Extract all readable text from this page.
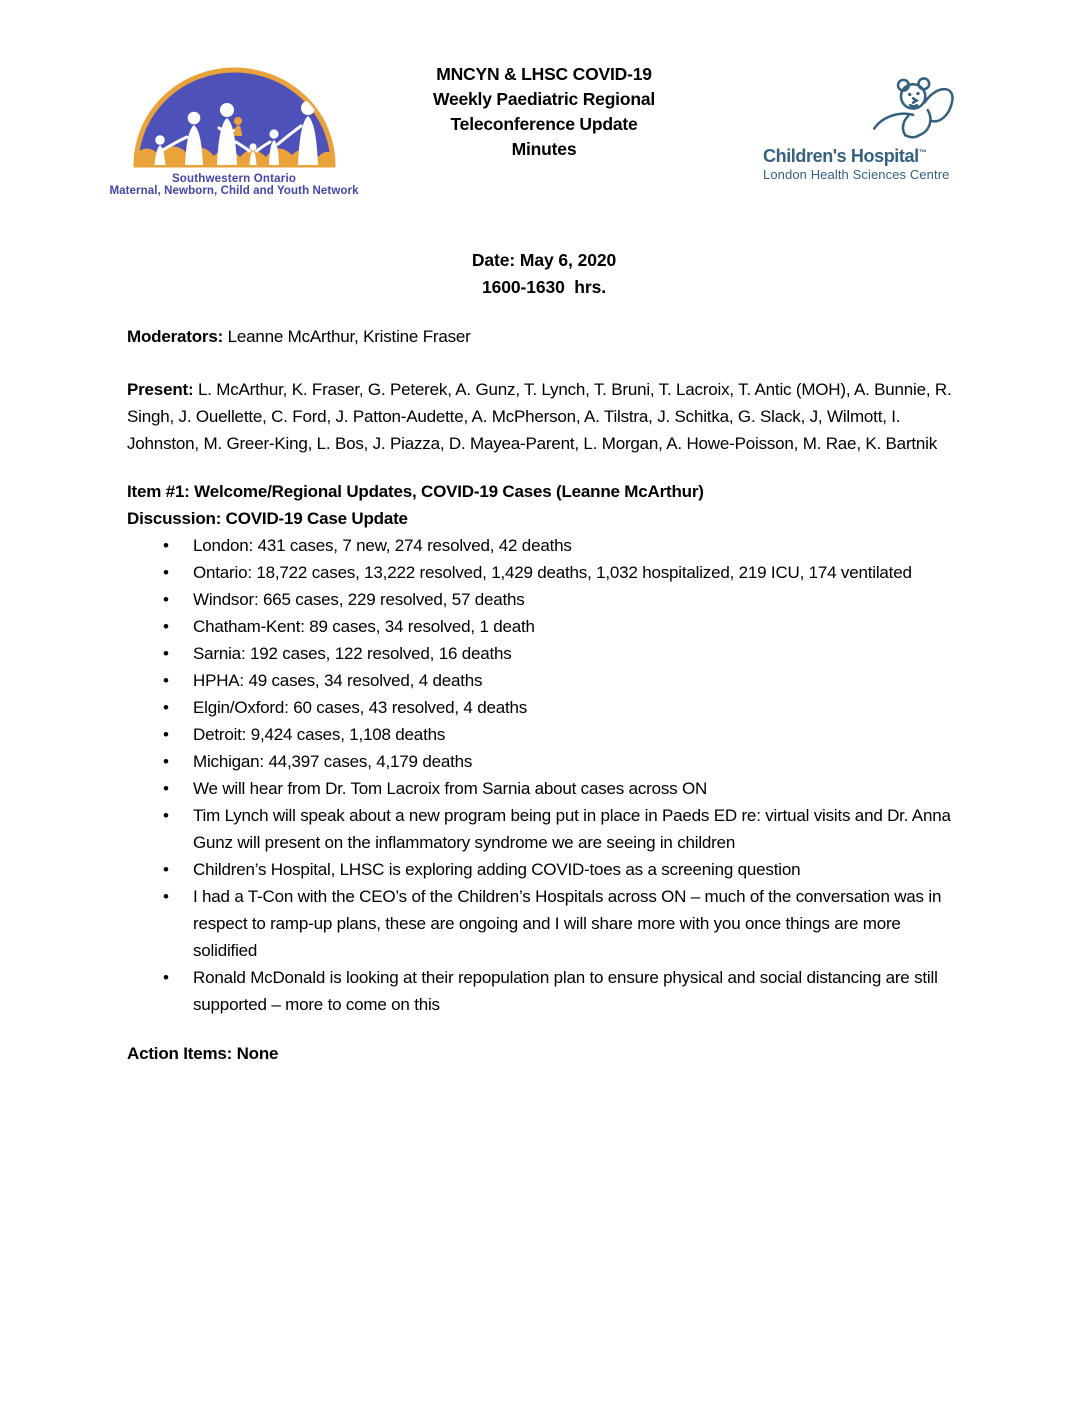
Southwestern Ontario
Maternal, Newborn, Child and Youth Network
MNCYN & LHSC COVID-19
Weekly Paediatric Regional
Teleconference Update
Minutes	Children's Hospital™
London Health Sciences Centre
Date: May 6, 2020
1600-1630  hrs.

Moderators: Leanne McArthur, Kristine Fraser

Present: L. McArthur, K. Fraser, G. Peterek, A. Gunz, T. Lynch, T. Bruni, T. Lacroix, T. Antic (MOH), A. Bunnie, R. Singh, J. Ouellette, C. Ford, J. Patton-Audette, A. McPherson, A. Tilstra, J. Schitka, G. Slack, J, Wilmott, I. Johnston, M. Greer-King, L. Bos, J. Piazza, D. Mayea-Parent, L. Morgan, A. Howe-Poisson, M. Rae, K. Bartnik

Item #1: Welcome/Regional Updates, COVID-19 Cases (Leanne McArthur)

Discussion: COVID-19 Case Update

• London: 431 cases, 7 new, 274 resolved, 42 deaths
• Ontario: 18,722 cases, 13,222 resolved, 1,429 deaths, 1,032 hospitalized, 219 ICU, 174 ventilated
• Windsor: 665 cases, 229 resolved, 57 deaths
• Chatham-Kent: 89 cases, 34 resolved, 1 death
• Sarnia: 192 cases, 122 resolved, 16 deaths
• HPHA: 49 cases, 34 resolved, 4 deaths
• Elgin/Oxford: 60 cases, 43 resolved, 4 deaths
• Detroit: 9,424 cases, 1,108 deaths
• Michigan: 44,397 cases, 4,179 deaths
• We will hear from Dr. Tom Lacroix from Sarnia about cases across ON
• Tim Lynch will speak about a new program being put in place in Paeds ED re: virtual visits and Dr. Anna Gunz will present on the inflammatory syndrome we are seeing in children
• Children’s Hospital, LHSC is exploring adding COVID-toes as a screening question
• I had a T-Con with the CEO’s of the Children’s Hospitals across ON – much of the conversation was in respect to ramp-up plans, these are ongoing and I will share more with you once things are more solidified
• Ronald McDonald is looking at their repopulation plan to ensure physical and social distancing are still supported – more to come on this

Action Items: None
